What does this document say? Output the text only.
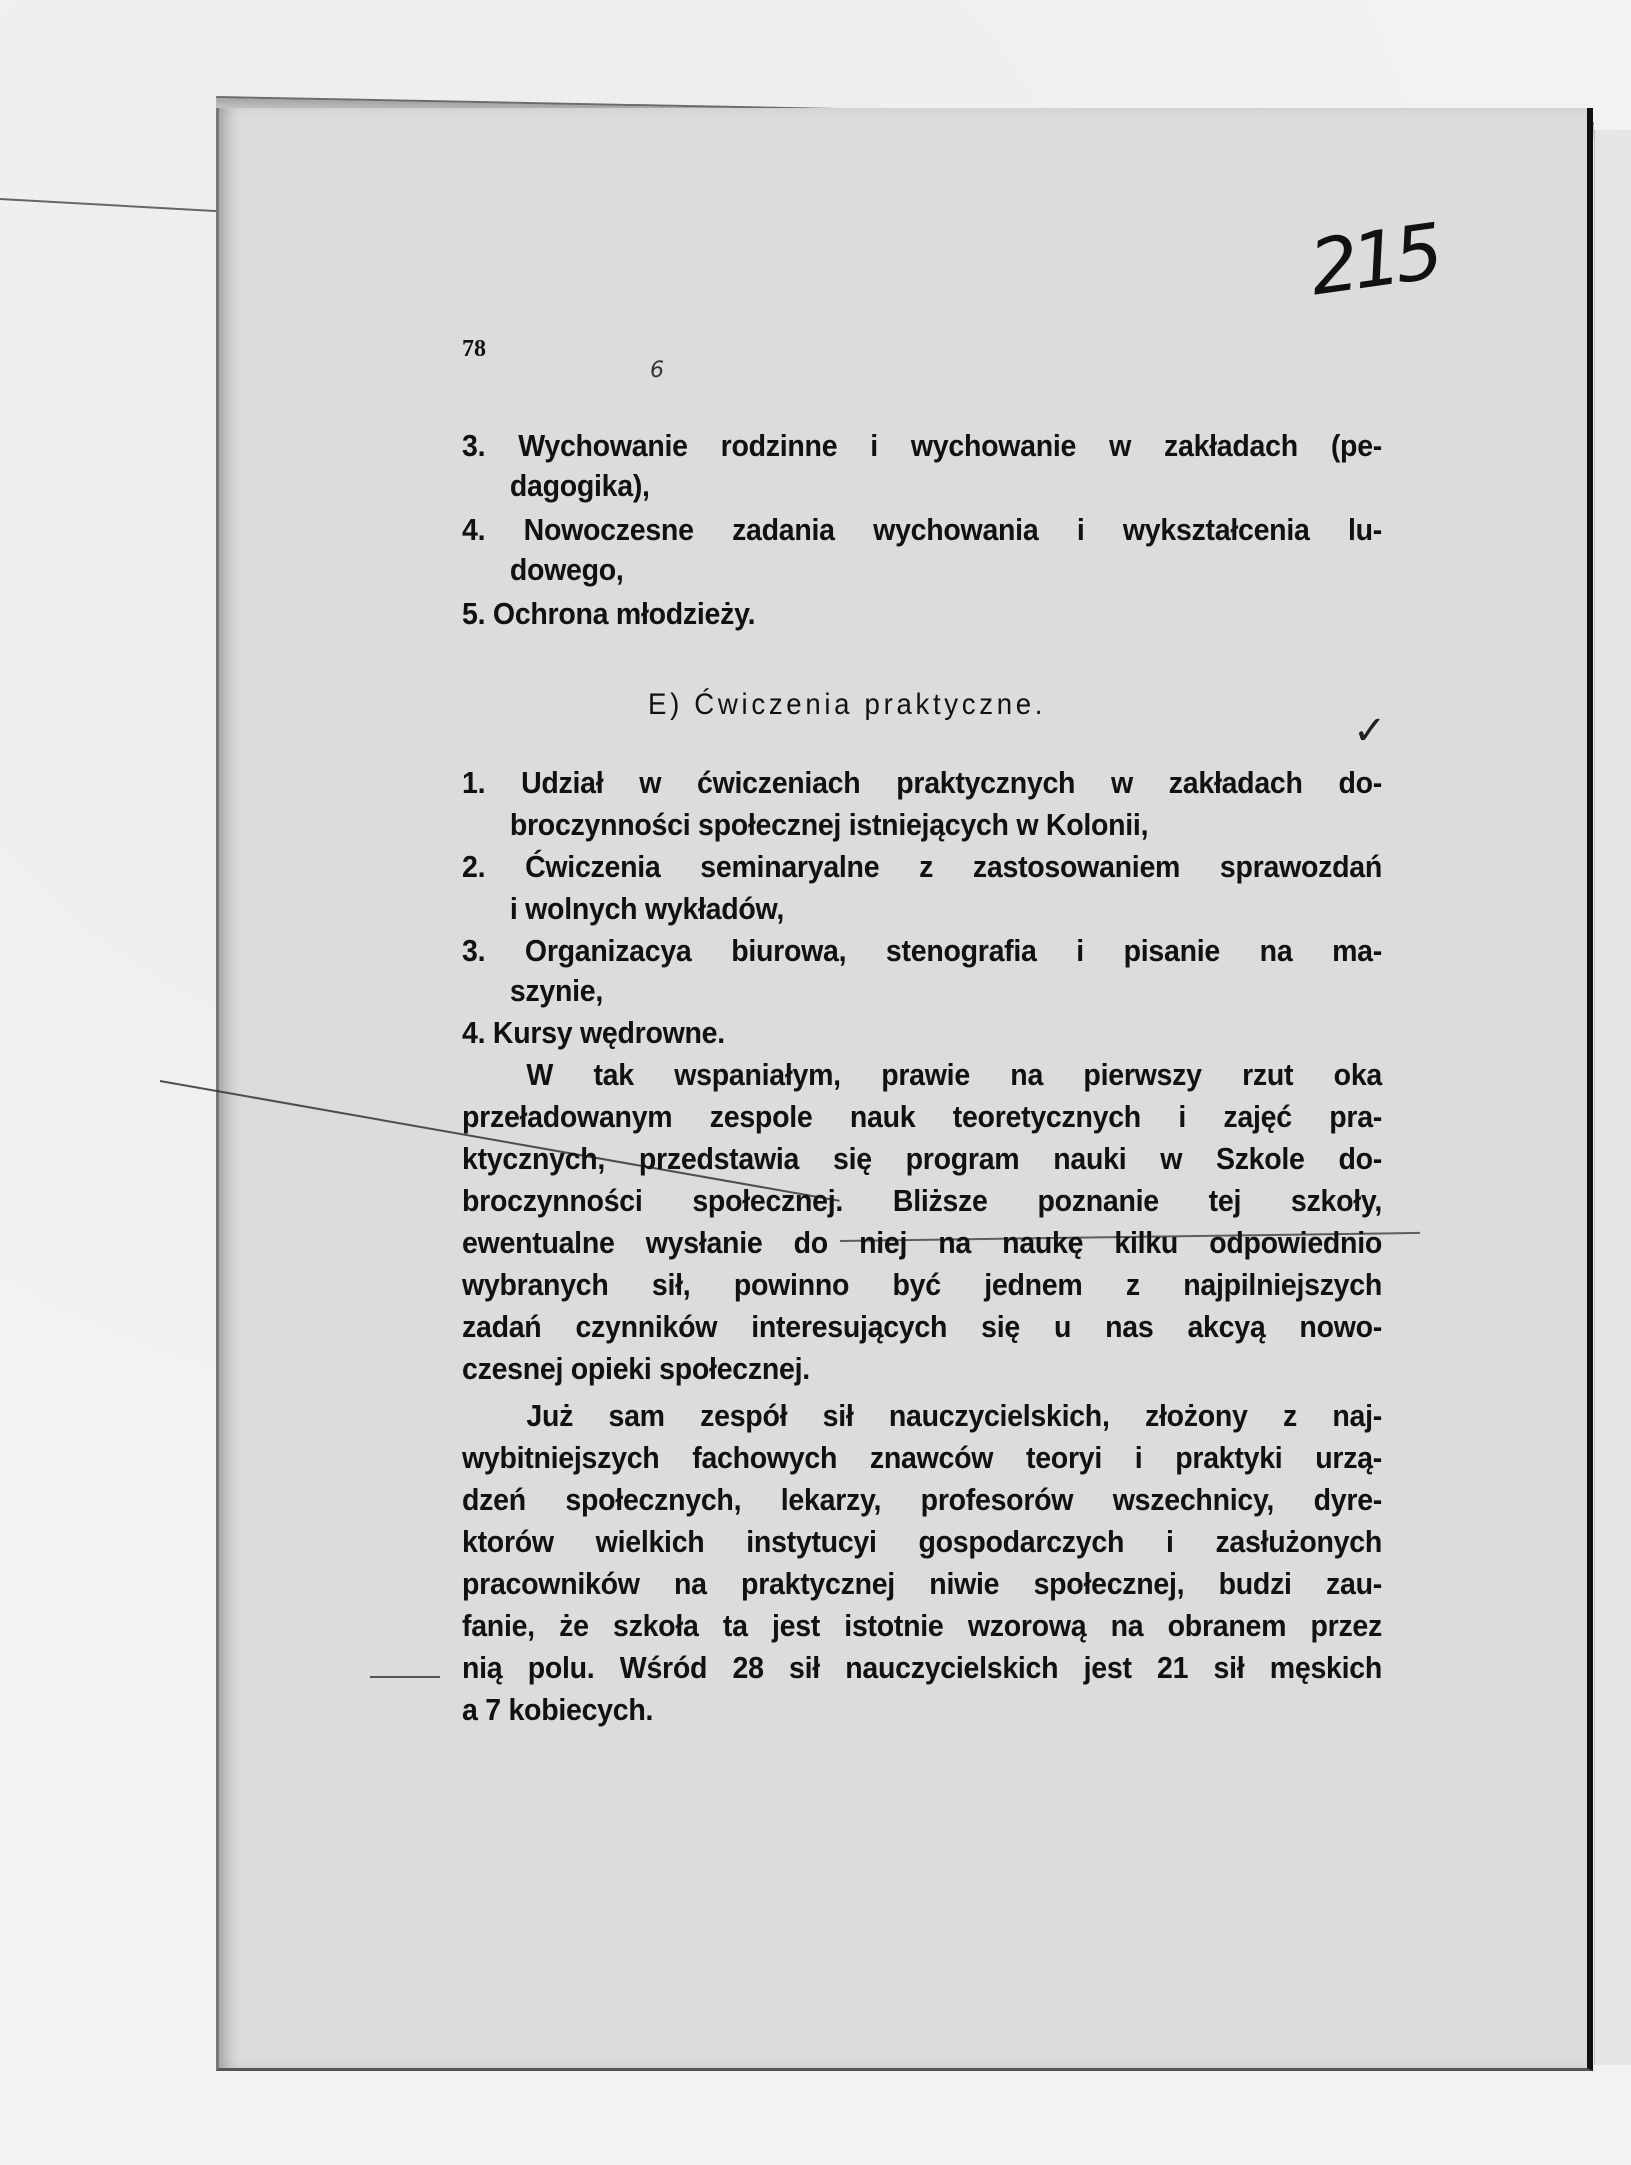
78
215
6
✓
3. Wychowanie rodzinne i wychowanie w zakładach (pe-
dagogika),
4. Nowoczesne zadania wychowania i wykształcenia lu-
dowego,
5. Ochrona młodzieży.
E) Ćwiczenia praktyczne.
1. Udział w ćwiczeniach praktycznych w zakładach do-
broczynności społecznej istniejących w Kolonii,
2. Ćwiczenia seminaryalne z zastosowaniem sprawozdań
i wolnych wykładów,
3. Organizacya biurowa, stenografia i pisanie na ma-
szynie,
4. Kursy wędrowne.
W tak wspaniałym, prawie na pierwszy rzut oka
przeładowanym zespole nauk teoretycznych i zajęć pra-
ktycznych, przedstawia się program nauki w Szkole do-
broczynności społecznej. Bliższe poznanie tej szkoły,
ewentualne wysłanie do niej na naukę kilku odpowiednio
wybranych sił, powinno być jednem z najpilniejszych
zadań czynników interesujących się u nas akcyą nowo-
czesnej opieki społecznej.
Już sam zespół sił nauczycielskich, złożony z naj-
wybitniejszych fachowych znawców teoryi i praktyki urzą-
dzeń społecznych, lekarzy, profesorów wszechnicy, dyre-
ktorów wielkich instytucyi gospodarczych i zasłużonych
pracowników na praktycznej niwie społecznej, budzi zau-
fanie, że szkoła ta jest istotnie wzorową na obranem przez
nią polu. Wśród 28 sił nauczycielskich jest 21 sił męskich
a 7 kobiecych.
